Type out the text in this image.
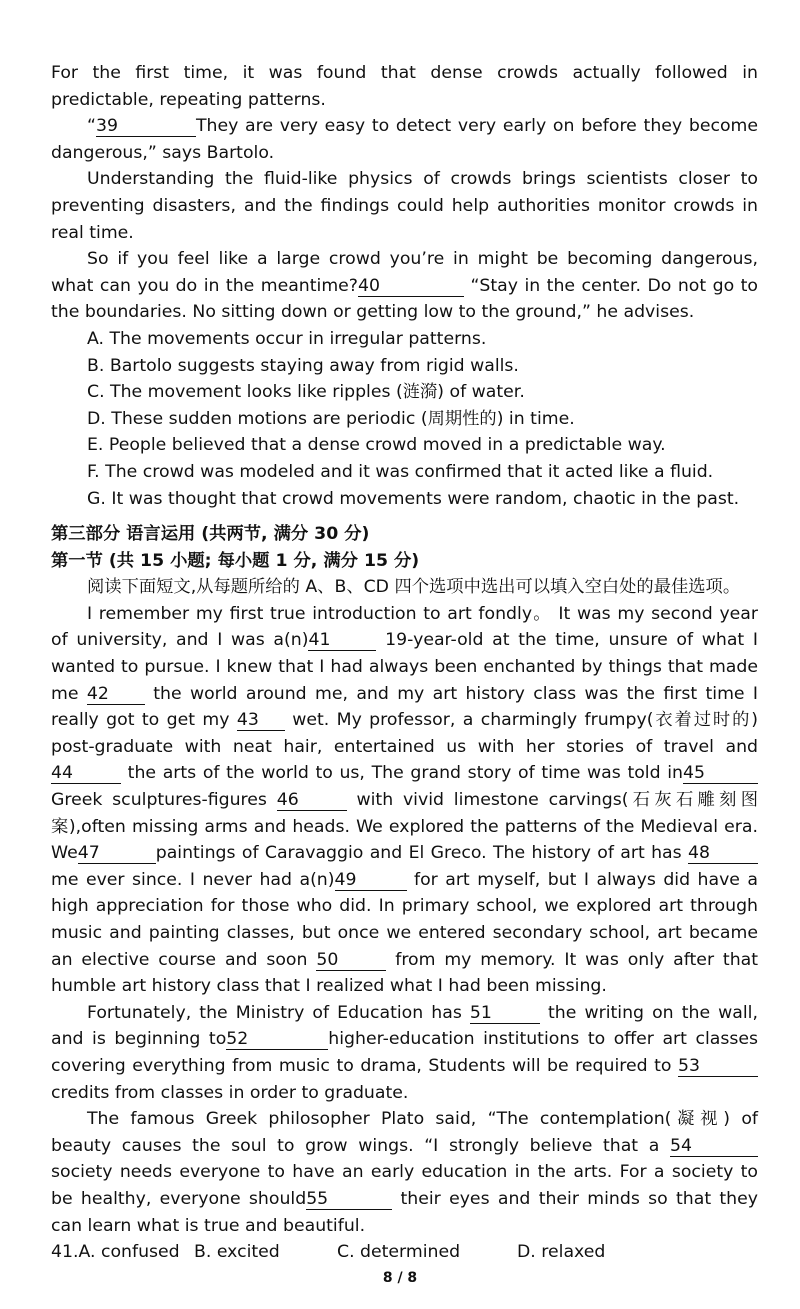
For the first time, it was found that dense crowds actually followed in predictable, repeating patterns.

“39	They are very easy to detect very early on before they become dangerous,” says Bartolo.

Understanding the fluid-like physics of crowds brings scientists closer to preventing disasters, and the findings could help authorities monitor crowds in real time.

So if you feel like a large crowd you’re in might be becoming dangerous, what can you do in the meantime?40	“Stay in the center. Do not go to the boundaries. No sitting down or getting low to the ground,” he advises.

A. The movements occur in irregular patterns.

B. Bartolo suggests staying away from rigid walls.

C. The movement looks like ripples (涟漪) of water.

D. These sudden motions are periodic (周期性的) in time.

E. People believed that a dense crowd moved in a predictable way.

F. The crowd was modeled and it was confirmed that it acted like a fluid.

G. It was thought that crowd movements were random, chaotic in the past.

第三部分 语言运用 (共两节, 满分 30 分)

第一节 (共 15 小题; 每小题 1 分, 满分 15 分)

阅读下面短文,从每题所给的 A、B、CD 四个选项中选出可以填入空白处的最佳选项。

I remember my first true introduction to art fondly。 It was my second year of university, and I was a(n)41	19-year-old at the time, unsure of what I wanted to pursue. I knew that I had always been enchanted by things that made me 42	the world around me, and my art history class was the first time I really got to get my 43 wet. My professor, a charmingly frumpy(衣着过时的) post-graduate with neat hair, entertained us with her stories of travel and 44	the arts of the world to us, The grand story of time was told in45 Greek sculptures-figures 46	with vivid limestone carvings(石灰石雕刻图案),often missing arms and heads. We explored the patterns of the Medieval era. We47	paintings of Caravaggio and El Greco. The history of art has 48 me ever since. I never had a(n)49	for art myself, but I always did have a high appreciation for those who did. In primary school, we explored art through music and painting classes, but once we entered secondary school, art became an elective course and soon 50	from my memory. It was only after that humble art history class that I realized what I had been missing.

Fortunately, the Ministry of Education has 51	the writing on the wall, and is beginning to52	higher-education institutions to offer art classes covering everything from music to drama, Students will be required to 53 credits from classes in order to graduate.

The famous Greek philosopher Plato said, “The contemplation(凝视) of beauty causes the soul to grow wings. “I strongly believe that a 54 society needs everyone to have an early education in the arts. For a society to be healthy, everyone should55	their eyes and their minds so that they can learn what is true and beautiful.

41.A. confused B. excited	C. determined	D. relaxed

8 / 8
